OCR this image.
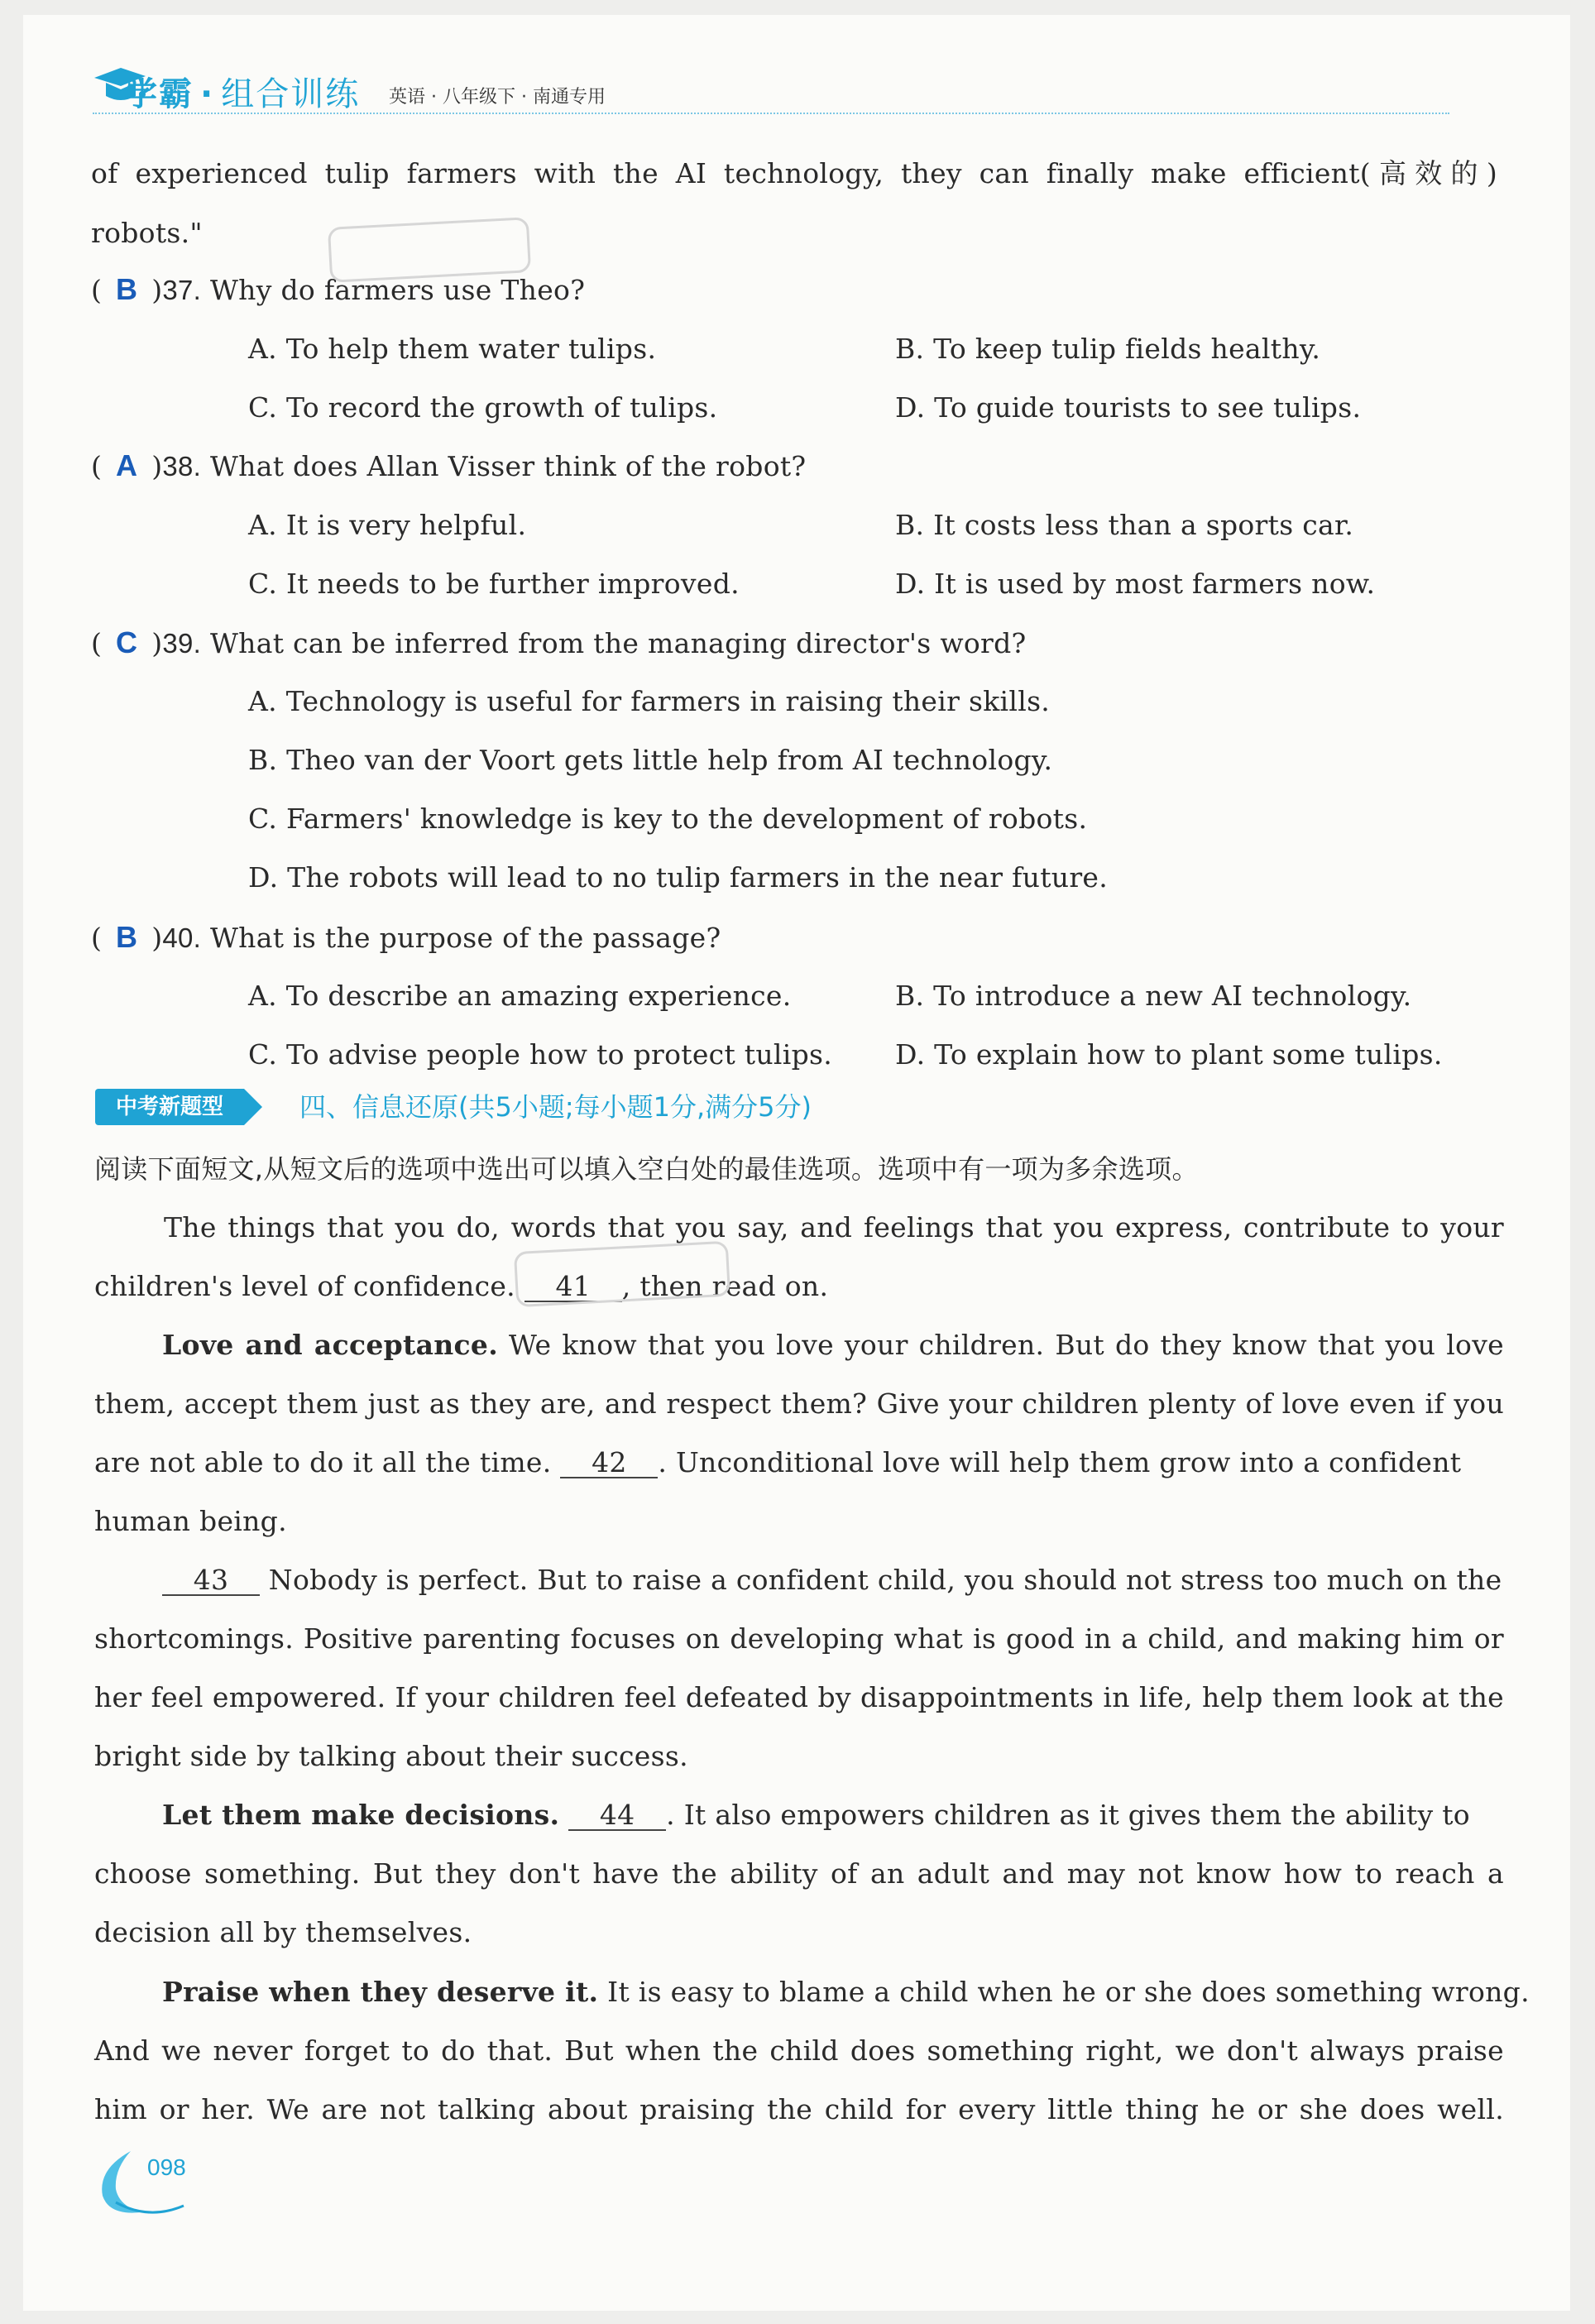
学霸 · 组合训练 英语 · 八年级下 · 南通专用
of experienced tulip farmers with the AI technology, they can finally make efficient(高效的)
robots."
( B )37. Why do farmers use Theo?
A. To help them water tulips.	B. To keep tulip fields healthy.
C. To record the growth of tulips.	D. To guide tourists to see tulips.
( A )38. What does Allan Visser think of the robot?
A. It is very helpful.	B. It costs less than a sports car.
C. It needs to be further improved.	D. It is used by most farmers now.
( C )39. What can be inferred from the managing director's word?
A. Technology is useful for farmers in raising their skills.
B. Theo van der Voort gets little help from AI technology.
C. Farmers' knowledge is key to the development of robots.
D. The robots will lead to no tulip farmers in the near future.
( B )40. What is the purpose of the passage?
A. To describe an amazing experience.	B. To introduce a new AI technology.
C. To advise people how to protect tulips. D. To explain how to plant some tulips.
中考新题型	四、信息还原(共5小题;每小题1分,满分5分)
阅读下面短文,从短文后的选项中选出可以填入空白处的最佳选项。选项中有一项为多余选项。
The things that you do, words that you say, and feelings that you express, contribute to your
children's level of confidence. 41 , then read on.
Love and acceptance. We know that you love your children. But do they know that you love
them, accept them just as they are, and respect them? Give your children plenty of love even if you
are not able to do it all the time. 42 . Unconditional love will help them grow into a confident
human being.
43 Nobody is perfect. But to raise a confident child, you should not stress too much on the
shortcomings. Positive parenting focuses on developing what is good in a child, and making him or
her feel empowered. If your children feel defeated by disappointments in life, help them look at the
bright side by talking about their success.
Let them make decisions. 44 . It also empowers children as it gives them the ability to
choose something. But they don't have the ability of an adult and may not know how to reach a
decision all by themselves.
Praise when they deserve it. It is easy to blame a child when he or she does something wrong.
And we never forget to do that. But when the child does something right, we don't always praise
him or her. We are not talking about praising the child for every little thing he or she does well.
098
